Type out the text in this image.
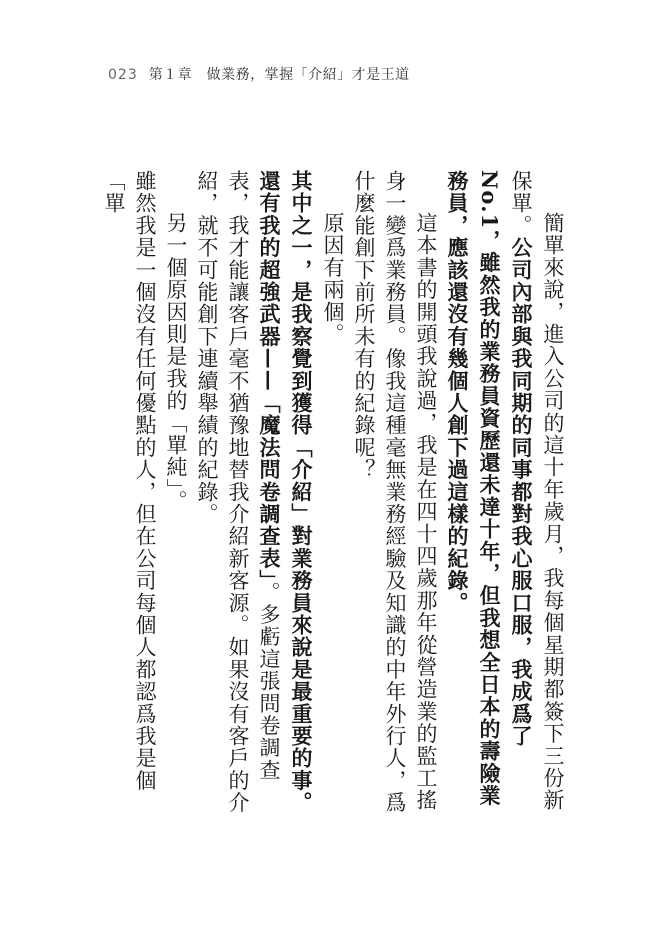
023 第１章　做業務，掌握「介紹」才是王道

簡單來說，進入公司的這十年歲月，我每個星期都簽下三份新保單。公司內部與我同期的同事都對我心服口服，我成爲了No.1，雖然我的業務員資歷還未達十年，但我想全日本的壽險業務員，應該還沒有幾個人創下過這樣的紀錄。

這本書的開頭我說過，我是在四十四歲那年從營造業的監工搖身一變爲業務員。像我這種毫無業務經驗及知識的中年外行人，爲什麼能創下前所未有的紀錄呢？

原因有兩個。

其中之一，是我察覺到獲得「介紹」對業務員來說是最重要的事。還有我的超強武器——「魔法問卷調查表」。多虧這張問卷調查表，我才能讓客戶毫不猶豫地替我介紹新客源。如果沒有客戶的介紹，就不可能創下連續舉績的紀錄。

另一個原因則是我的「單純」。

雖然我是一個沒有任何優點的人，但在公司每個人都認爲我是個「單
